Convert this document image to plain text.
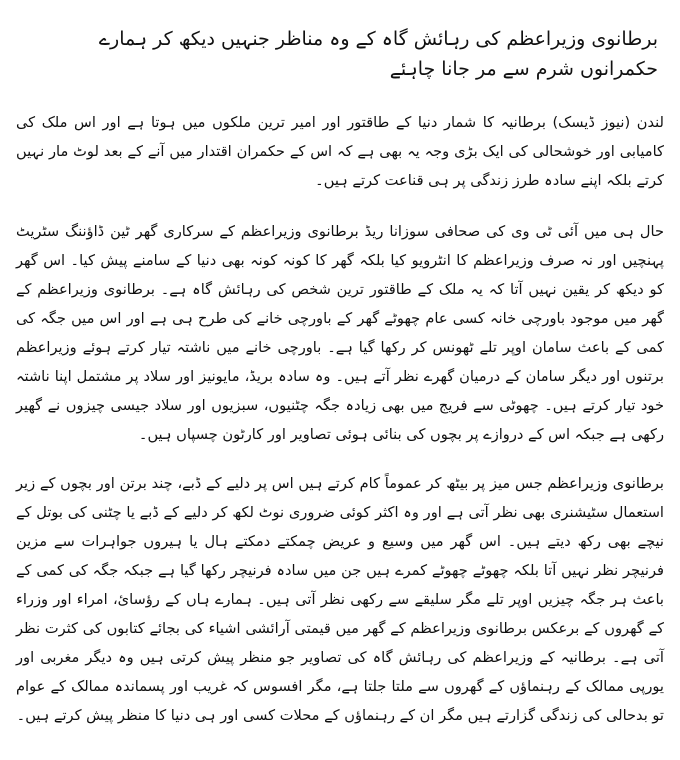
برطانوی وزیراعظم کی رہائش گاہ کے وہ مناظر جنہیں دیکھ کر ہمارے حکمرانوں شرم سے مر جانا چاہئے

لندن (نیوز ڈیسک) برطانیہ کا شمار دنیا کے طاقتور اور امیر ترین ملکوں میں ہوتا ہے اور اس ملک کی کامیابی اور خوشحالی کی ایک بڑی وجہ یہ بھی ہے کہ اس کے حکمران اقتدار میں آنے کے بعد لوٹ مار نہیں کرتے بلکہ اپنے سادہ طرز زندگی پر ہی قناعت کرتے ہیں۔

حال ہی میں آئی ٹی وی کی صحافی سوزانا ریڈ برطانوی وزیراعظم کے سرکاری گھر ٹین ڈاؤننگ سٹریٹ پہنچیں اور نہ صرف وزیراعظم کا انٹرویو کیا بلکہ گھر کا کونہ کونہ بھی دنیا کے سامنے پیش کیا۔ اس گھر کو دیکھ کر یقین نہیں آتا کہ یہ ملک کے طاقتور ترین شخص کی رہائش گاہ ہے۔ برطانوی وزیراعظم کے گھر میں موجود باورچی خانہ کسی عام چھوٹے گھر کے باورچی خانے کی طرح ہی ہے اور اس میں جگہ کی کمی کے باعث سامان اوپر تلے ٹھونس کر رکھا گیا ہے۔ باورچی خانے میں ناشتہ تیار کرتے ہوئے وزیراعظم برتنوں اور دیگر سامان کے درمیان گھرے نظر آتے ہیں۔ وہ سادہ بریڈ، مایونیز اور سلاد پر مشتمل اپنا ناشتہ خود تیار کرتے ہیں۔ چھوٹی سے فریج میں بھی زیادہ جگہ چٹنیوں، سبزیوں اور سلاد جیسی چیزوں نے گھیر رکھی ہے جبکہ اس کے دروازے پر بچوں کی بنائی ہوئی تصاویر اور کارٹون چسپاں ہیں۔

برطانوی وزیراعظم جس میز پر بیٹھ کر عموماً کام کرتے ہیں اس پر دلیے کے ڈبے، چند برتن اور بچوں کے زیر استعمال سٹیشنری بھی نظر آتی ہے اور وہ اکثر کوئی ضروری نوٹ لکھ کر دلیے کے ڈبے یا چٹنی کی بوتل کے نیچے بھی رکھ دیتے ہیں۔ اس گھر میں وسیع و عریض چمکتے دمکتے ہال یا ہیروں جواہرات سے مزین فرنیچر نظر نہیں آتا بلکہ چھوٹے چھوٹے کمرے ہیں جن میں سادہ فرنیچر رکھا گیا ہے جبکہ جگہ کی کمی کے باعث ہر جگہ چیزیں اوپر تلے مگر سلیقے سے رکھی نظر آتی ہیں۔ ہمارے ہاں کے رؤسائ، امراء اور وزراء کے گھروں کے برعکس برطانوی وزیراعظم کے گھر میں قیمتی آرائشی اشیاء کی بجائے کتابوں کی کثرت نظر آتی ہے۔ برطانیہ کے وزیراعظم کی رہائش گاہ کی تصاویر جو منظر پیش کرتی ہیں وہ دیگر مغربی اور یورپی ممالک کے رہنماؤں کے گھروں سے ملتا جلتا ہے، مگر افسوس کہ غریب اور پسماندہ ممالک کے عوام تو بدحالی کی زندگی گزارتے ہیں مگر ان کے رہنماؤں کے محلات کسی اور ہی دنیا کا منظر پیش کرتے ہیں۔
